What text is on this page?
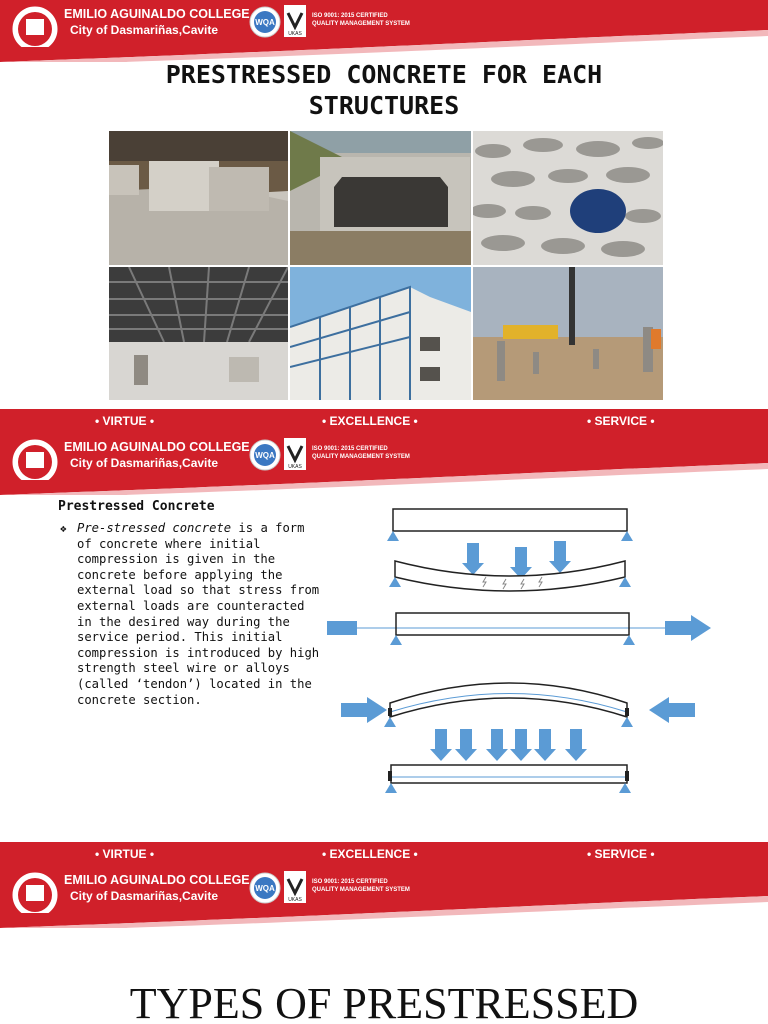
EMILIO AGUINALDO COLLEGE
City of Dasmariñas,Cavite
WQA
UKAS
ISO 9001: 2015 CERTIFIED
QUALITY MANAGEMENT SYSTEM
PRESTRESSED CONCRETE FOR EACH
STRUCTURES
• VIRTUE •	• EXCELLENCE •	• SERVICE •
EMILIO AGUINALDO COLLEGE
City of Dasmariñas,Cavite
WQA
UKAS
ISO 9001: 2015 CERTIFIED
QUALITY MANAGEMENT SYSTEM
Prestressed Concrete
❖ Pre-stressed concrete is a form of concrete where initial compression is given in the concrete before applying the external load so that stress from external loads are counteracted in the desired way during the service period. This initial compression is introduced by high strength steel wire or alloys (called ‘tendon’) located in the concrete section.
• VIRTUE •	• EXCELLENCE •	• SERVICE •
EMILIO AGUINALDO COLLEGE
City of Dasmariñas,Cavite
WQA
UKAS
ISO 9001: 2015 CERTIFIED
QUALITY MANAGEMENT SYSTEM
TYPES OF PRESTRESSED
